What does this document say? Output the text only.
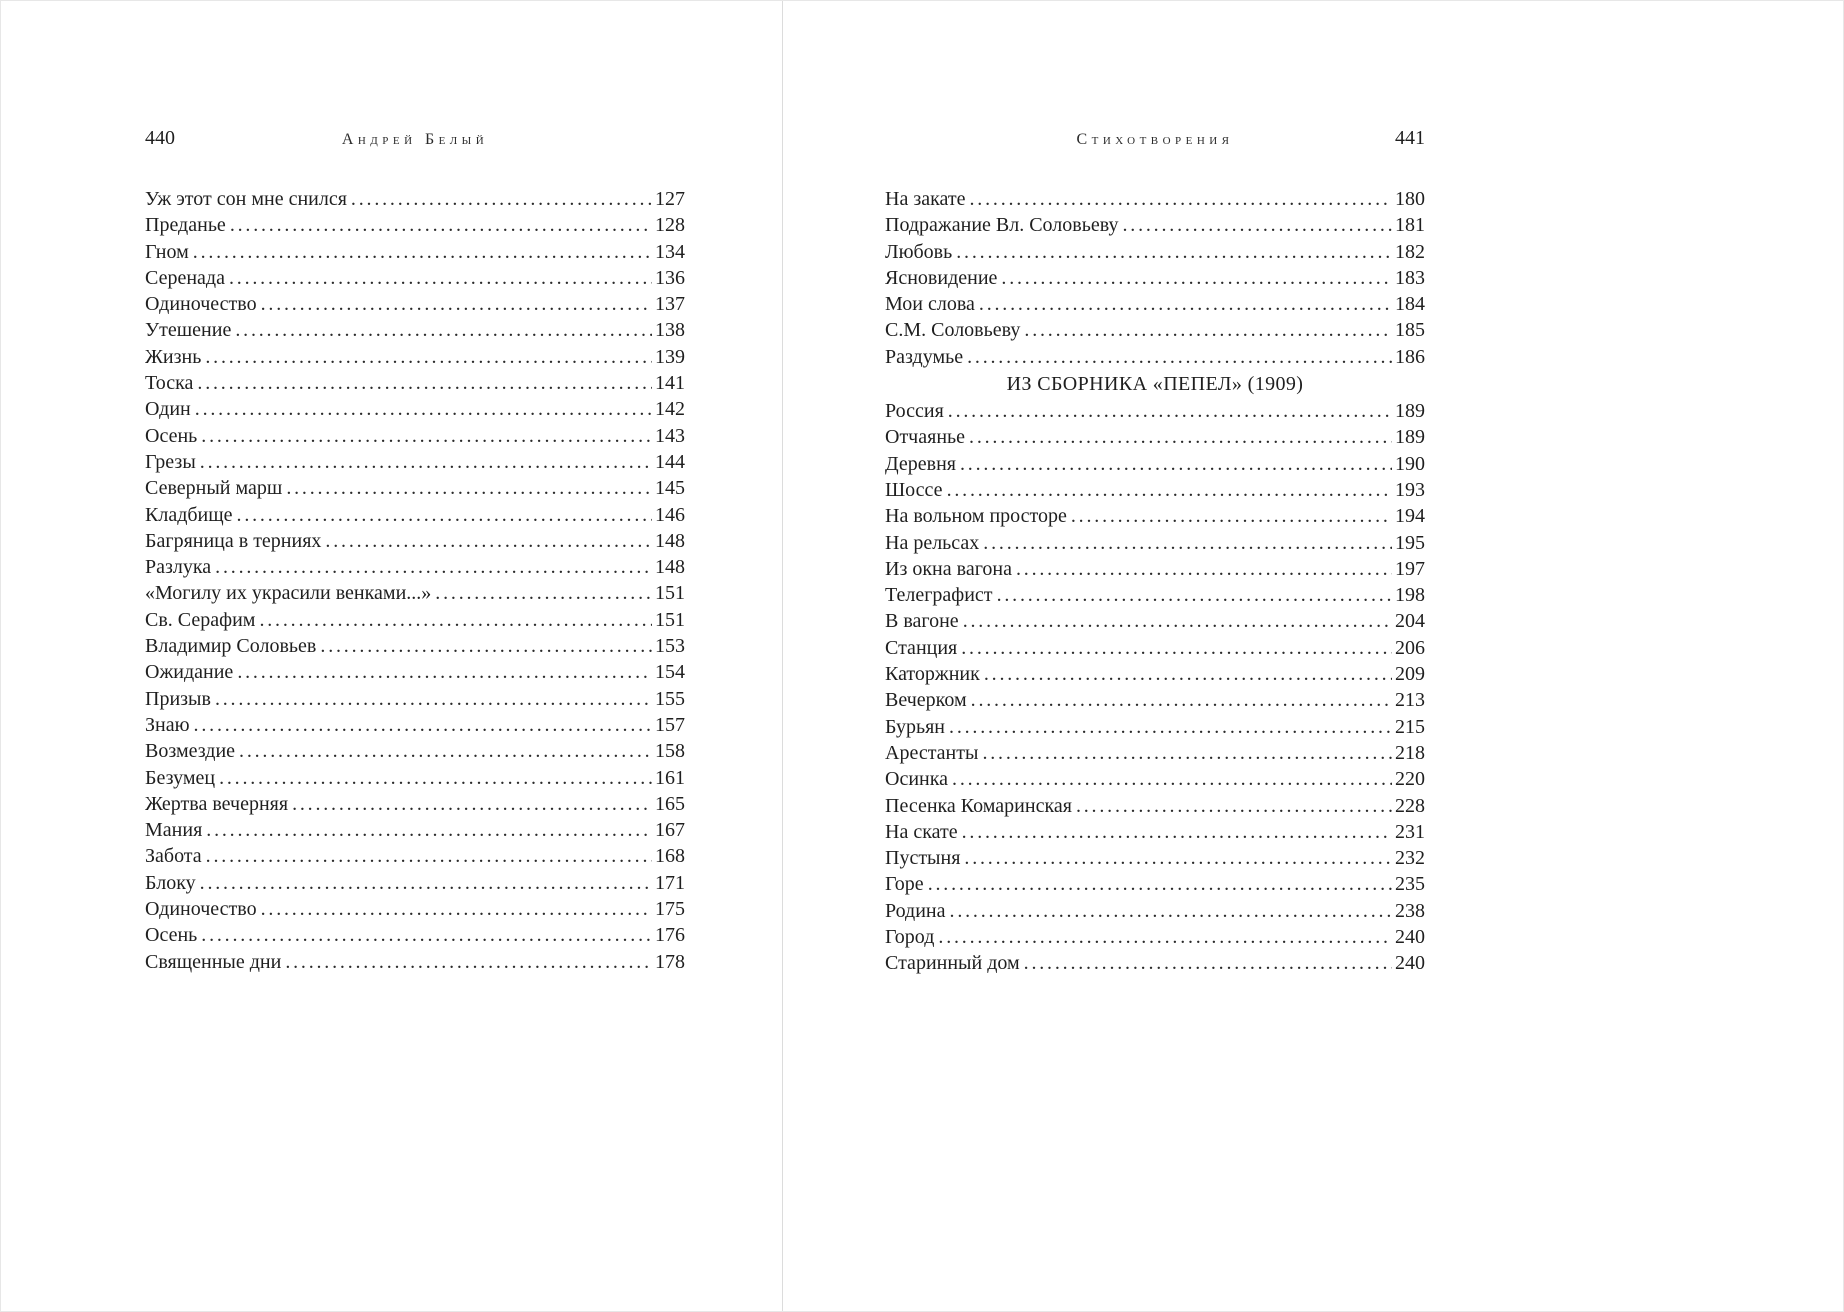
440	Андрей Белый
Уж этот сон мне снился .....	127
Преданье .....	128
Гном .....	134
Серенада .....	136
Одиночество .....	137
Утешение .....	138
Жизнь .....	139
Тоска .....	141
Один .....	142
Осень .....	143
Грезы .....	144
Северный марш .....	145
Кладбище .....	146
Багряница в терниях .....	148
Разлука .....	148
«Могилу их украсили венками...» .....	151
Св. Серафим .....	151
Владимир Соловьев .....	153
Ожидание .....	154
Призыв .....	155
Знаю .....	157
Возмездие .....	158
Безумец .....	161
Жертва вечерняя .....	165
Мания .....	167
Забота .....	168
Блоку .....	171
Одиночество .....	175
Осень .....	176
Священные дни .....	178
Стихотворения	441
На закате .....	180
Подражание Вл. Соловьеву .....	181
Любовь .....	182
Ясновидение .....	183
Мои слова .....	184
С.М. Соловьеву .....	185
Раздумье .....	186
ИЗ СБОРНИКА «ПЕПЕЛ» (1909)
Россия .....	189
Отчаянье .....	189
Деревня .....	190
Шоссе .....	193
На вольном просторе .....	194
На рельсах .....	195
Из окна вагона .....	197
Телеграфист .....	198
В вагоне .....	204
Станция .....	206
Каторжник .....	209
Вечерком .....	213
Бурьян .....	215
Арестанты .....	218
Осинка .....	220
Песенка Комаринская .....	228
На скате .....	231
Пустыня .....	232
Горе .....	235
Родина .....	238
Город .....	240
Старинный дом .....	240
